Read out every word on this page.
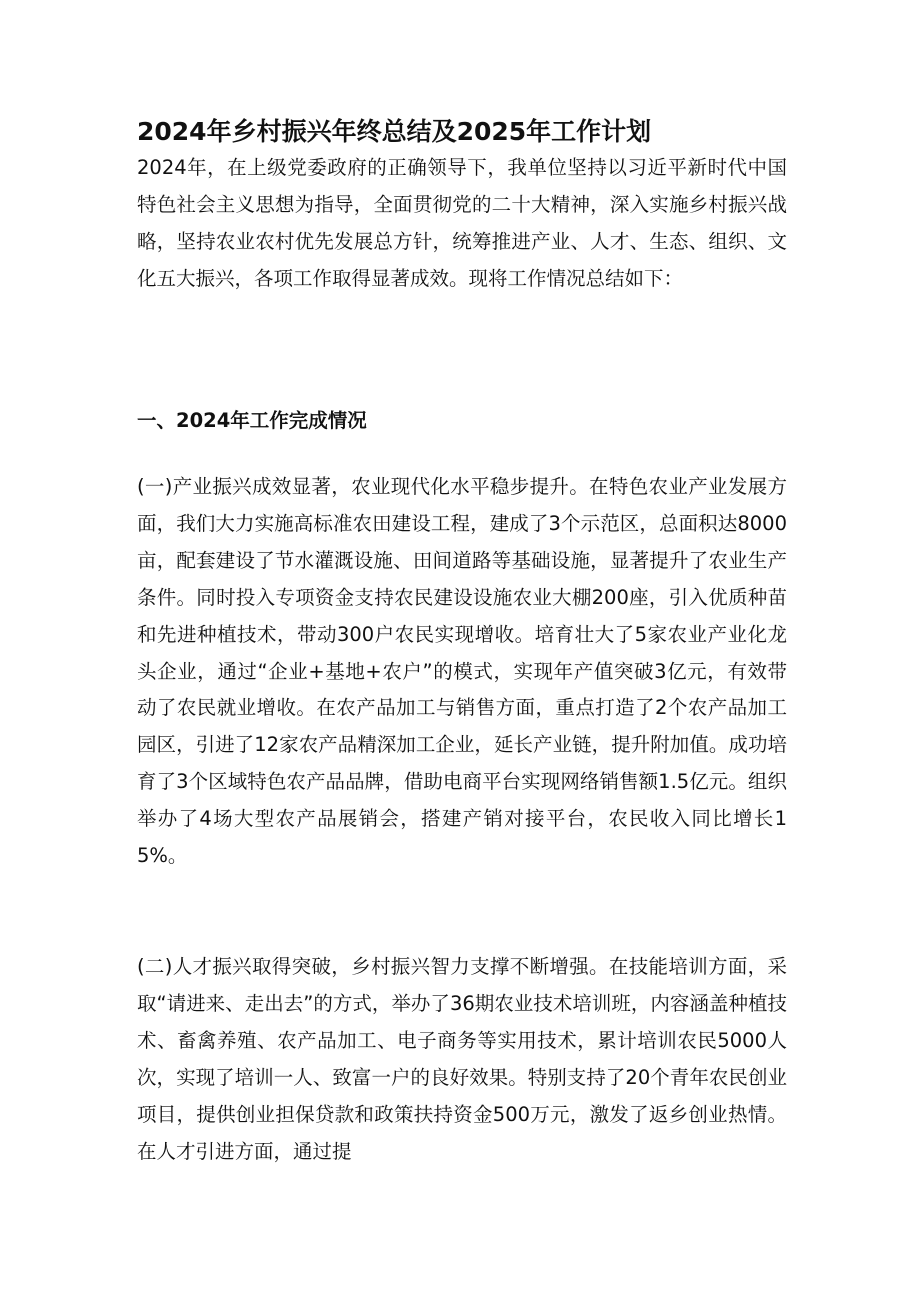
2024年乡村振兴年终总结及2025年工作计划

2024年，在上级党委政府的正确领导下，我单位坚持以习近平新时代中国特色社会主义思想为指导，全面贯彻党的二十大精神，深入实施乡村振兴战略，坚持农业农村优先发展总方针，统筹推进产业、人才、生态、组织、文化五大振兴，各项工作取得显著成效。现将工作情况总结如下：

一、2024年工作完成情况

(一)产业振兴成效显著，农业现代化水平稳步提升。在特色农业产业发展方面，我们大力实施高标准农田建设工程，建成了3个示范区，总面积达8000亩，配套建设了节水灌溉设施、田间道路等基础设施，显著提升了农业生产条件。同时投入专项资金支持农民建设设施农业大棚200座，引入优质种苗和先进种植技术，带动300户农民实现增收。培育壮大了5家农业产业化龙头企业，通过“企业+基地+农户”的模式，实现年产值突破3亿元，有效带动了农民就业增收。在农产品加工与销售方面，重点打造了2个农产品加工园区，引进了12家农产品精深加工企业，延长产业链，提升附加值。成功培育了3个区域特色农产品品牌，借助电商平台实现网络销售额1.5亿元。组织举办了4场大型农产品展销会，搭建产销对接平台，农民收入同比增长15%。

(二)人才振兴取得突破，乡村振兴智力支撑不断增强。在技能培训方面，采取“请进来、走出去”的方式，举办了36期农业技术培训班，内容涵盖种植技术、畜禽养殖、农产品加工、电子商务等实用技术，累计培训农民5000人次，实现了培训一人、致富一户的良好效果。特别支持了20个青年农民创业项目，提供创业担保贷款和政策扶持资金500万元，激发了返乡创业热情。在人才引进方面，通过提
